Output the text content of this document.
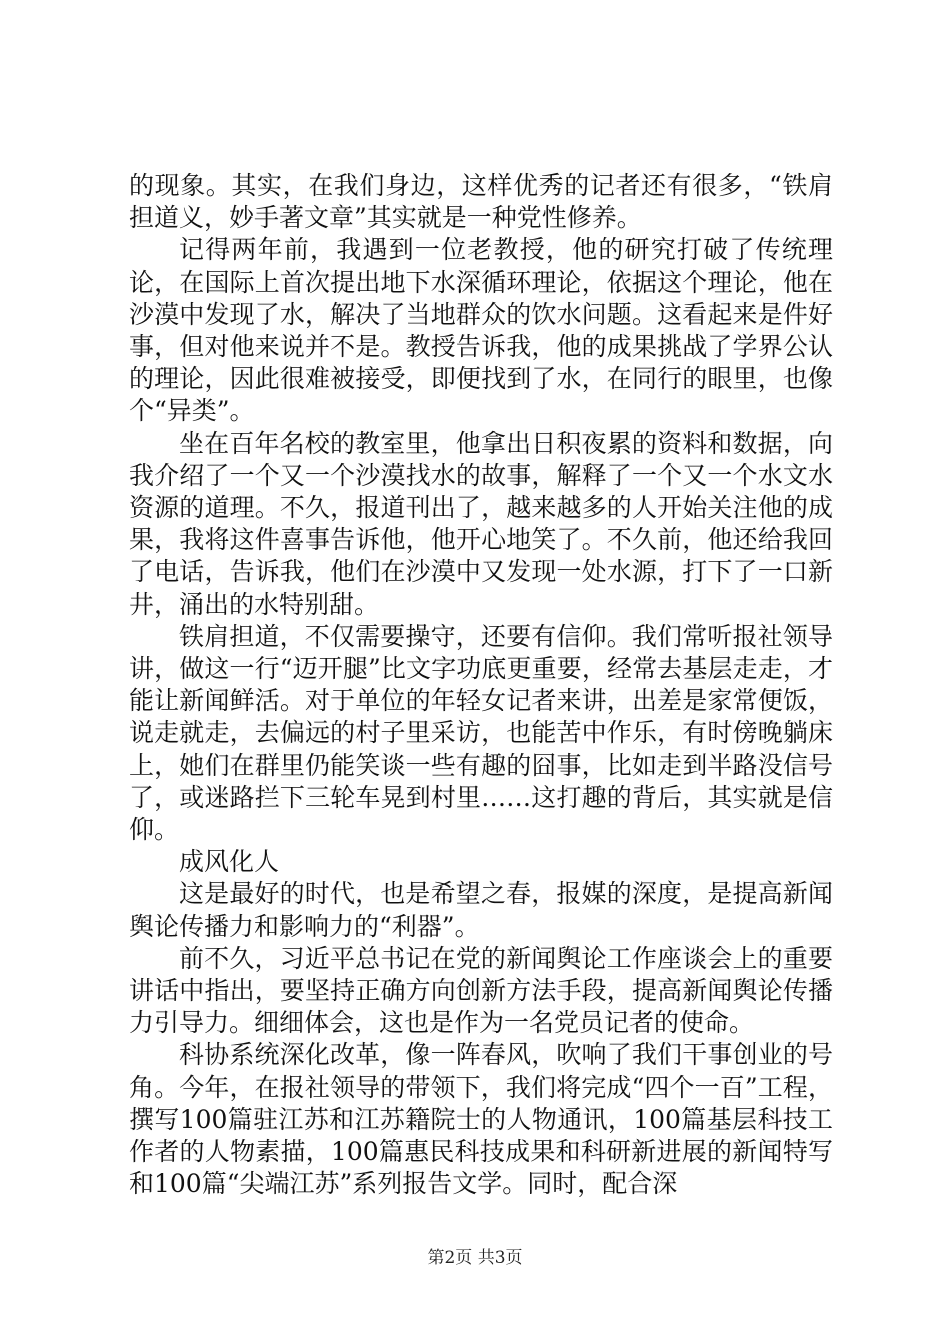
的现象。其实，在我们身边，这样优秀的记者还有很多，“铁肩担道义，妙手著文章”其实就是一种党性修养。

记得两年前，我遇到一位老教授，他的研究打破了传统理论，在国际上首次提出地下水深循环理论，依据这个理论，他在沙漠中发现了水，解决了当地群众的饮水问题。这看起来是件好事，但对他来说并不是。教授告诉我，他的成果挑战了学界公认的理论，因此很难被接受，即便找到了水，在同行的眼里，也像个“异类”。

坐在百年名校的教室里，他拿出日积夜累的资料和数据，向我介绍了一个又一个沙漠找水的故事，解释了一个又一个水文水资源的道理。不久，报道刊出了，越来越多的人开始关注他的成果，我将这件喜事告诉他，他开心地笑了。不久前，他还给我回了电话，告诉我，他们在沙漠中又发现一处水源，打下了一口新井，涌出的水特别甜。

铁肩担道，不仅需要操守，还要有信仰。我们常听报社领导讲，做这一行“迈开腿”比文字功底更重要，经常去基层走走，才能让新闻鲜活。对于单位的年轻女记者来讲，出差是家常便饭，说走就走，去偏远的村子里采访，也能苦中作乐，有时傍晚躺床上，她们在群里仍能笑谈一些有趣的囧事，比如走到半路没信号了，或迷路拦下三轮车晃到村里……这打趣的背后，其实就是信仰。

成风化人

这是最好的时代，也是希望之春，报媒的深度，是提高新闻舆论传播力和影响力的“利器”。

前不久，习近平总书记在党的新闻舆论工作座谈会上的重要讲话中指出，要坚持正确方向创新方法手段，提高新闻舆论传播力引导力。细细体会，这也是作为一名党员记者的使命。

科协系统深化改革，像一阵春风，吹响了我们干事创业的号角。今年，在报社领导的带领下，我们将完成“四个一百”工程，撰写100篇驻江苏和江苏籍院士的人物通讯，100篇基层科技工作者的人物素描，100篇惠民科技成果和科研新进展的新闻特写和100篇“尖端江苏”系列报告文学。同时，配合深

第2页 共3页
